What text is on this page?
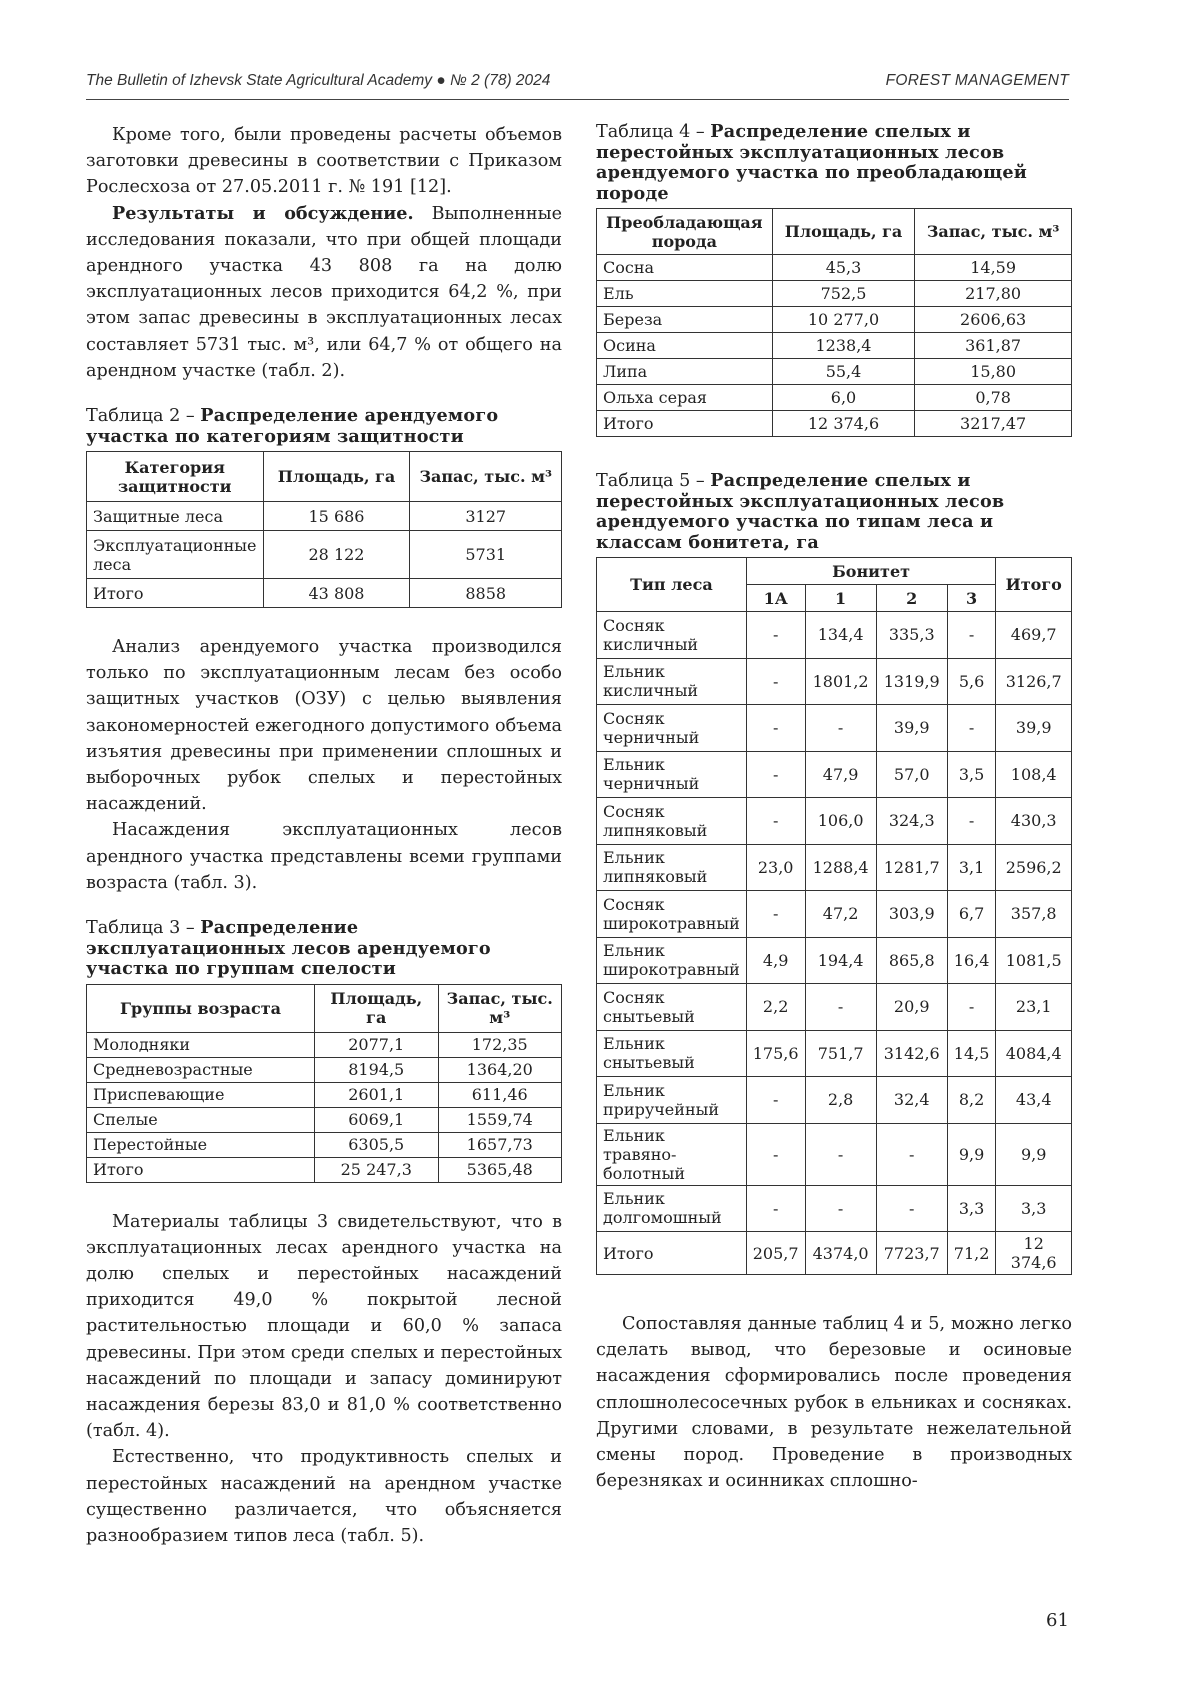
The Bulletin of Izhevsk State Agricultural Academy ● № 2 (78) 2024	FOREST MANAGEMENT

Кроме того, были проведены расчеты объемов заготовки древесины в соответствии с Приказом Рослесхоза от 27.05.2011 г. № 191 [12].

Результаты и обсуждение. Выполненные исследования показали, что при общей площади арендного участка 43 808 га на долю эксплуатационных лесов приходится 64,2 %, при этом запас древесины в эксплуатационных лесах составляет 5731 тыс. м³, или 64,7 % от общего на арендном участке (табл. 2).

Таблица 2 – Распределение арендуемого участка по категориям защитности
Категория защитности	Площадь, га	Запас, тыс. м³
Защитные леса	15 686	3127
Эксплуатационные леса	28 122	5731
Итого	43 808	8858

Анализ арендуемого участка производился только по эксплуатационным лесам без особо защитных участков (ОЗУ) с целью выявления закономерностей ежегодного допустимого объема изъятия древесины при применении сплошных и выборочных рубок спелых и перестойных насаждений.

Насаждения эксплуатационных лесов арендного участка представлены всеми группами возраста (табл. 3).

Таблица 3 – Распределение эксплуатационных лесов арендуемого участка по группам спелости
Группы возраста	Площадь, га	Запас, тыс. м³
Молодняки	2077,1	172,35
Средневозрастные	8194,5	1364,20
Приспевающие	2601,1	611,46
Спелые	6069,1	1559,74
Перестойные	6305,5	1657,73
Итого	25 247,3	5365,48

Материалы таблицы 3 свидетельствуют, что в эксплуатационных лесах арендного участка на долю спелых и перестойных насаждений приходится 49,0 % покрытой лесной растительностью площади и 60,0 % запаса древесины. При этом среди спелых и перестойных насаждений по площади и запасу доминируют насаждения березы 83,0 и 81,0 % соответственно (табл. 4).

Естественно, что продуктивность спелых и перестойных насаждений на арендном участке существенно различается, что объясняется разнообразием типов леса (табл. 5).

Таблица 4 – Распределение спелых и перестойных эксплуатационных лесов арендуемого участка по преобладающей породе
Преобладающая порода	Площадь, га	Запас, тыс. м³
Сосна	45,3	14,59
Ель	752,5	217,80
Береза	10 277,0	2606,63
Осина	1238,4	361,87
Липа	55,4	15,80
Ольха серая	6,0	0,78
Итого	12 374,6	3217,47
Таблица 5 – Распределение спелых и перестойных эксплуатационных лесов арендуемого участка по типам леса и классам бонитета, га
Тип леса	Бонитет				Итого
	1А	1	2	3	
Сосняк кисличный	-	134,4	335,3	-	469,7
Ельник кисличный	-	1801,2	1319,9	5,6	3126,7
Сосняк черничный	-	-	39,9	-	39,9
Ельник черничный	-	47,9	57,0	3,5	108,4
Сосняк липняковый	-	106,0	324,3	-	430,3
Ельник липняковый	23,0	1288,4	1281,7	3,1	2596,2
Сосняк широкотравный	-	47,2	303,9	6,7	357,8
Ельник широкотравный	4,9	194,4	865,8	16,4	1081,5
Сосняк снытьевый	2,2	-	20,9	-	23,1
Ельник снытьевый	175,6	751,7	3142,6	14,5	4084,4
Ельник приручейный	-	2,8	32,4	8,2	43,4
Ельник травяно-болотный	-	-	-	9,9	9,9
Ельник долгомошный	-	-	-	3,3	3,3
Итого	205,7	4374,0	7723,7	71,2	12 374,6

Сопоставляя данные таблиц 4 и 5, можно легко сделать вывод, что березовые и осиновые насаждения сформировались после проведения сплошнолесосечных рубок в ельниках и сосняках. Другими словами, в результате нежелательной смены пород. Проведение в производных березняках и осинниках сплошно-

61
